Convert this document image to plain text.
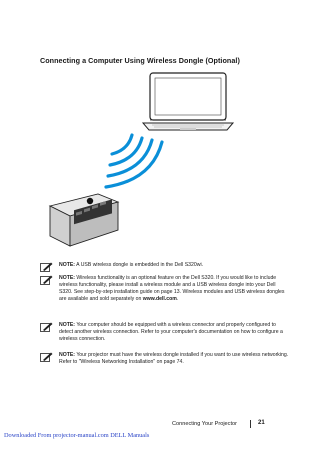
Connecting a Computer Using Wireless Dongle (Optional)
NOTE: A USB wireless dongle is embedded in the Dell S320wi.
NOTE: Wireless functionality is an optional feature on the Dell S320. If you would like to include wireless functionality, please install a wireless module and a USB wireless dongle into your Dell S320. See step-by-step installation guide on page 13. Wireless modules and USB wireless dongles are available and sold separately on www.dell.com.
NOTE: Your computer should be equipped with a wireless connector and properly configured to detect another wireless connection. Refer to your computer's documentation on how to configure a wireless connection.
NOTE: Your projector must have the wireless dongle installed if you want to use wireless networking. Refer to "Wireless Networking Installation" on page 74.
Connecting Your Projector	21
Downloaded From projector-manual.com DELL Manuals
